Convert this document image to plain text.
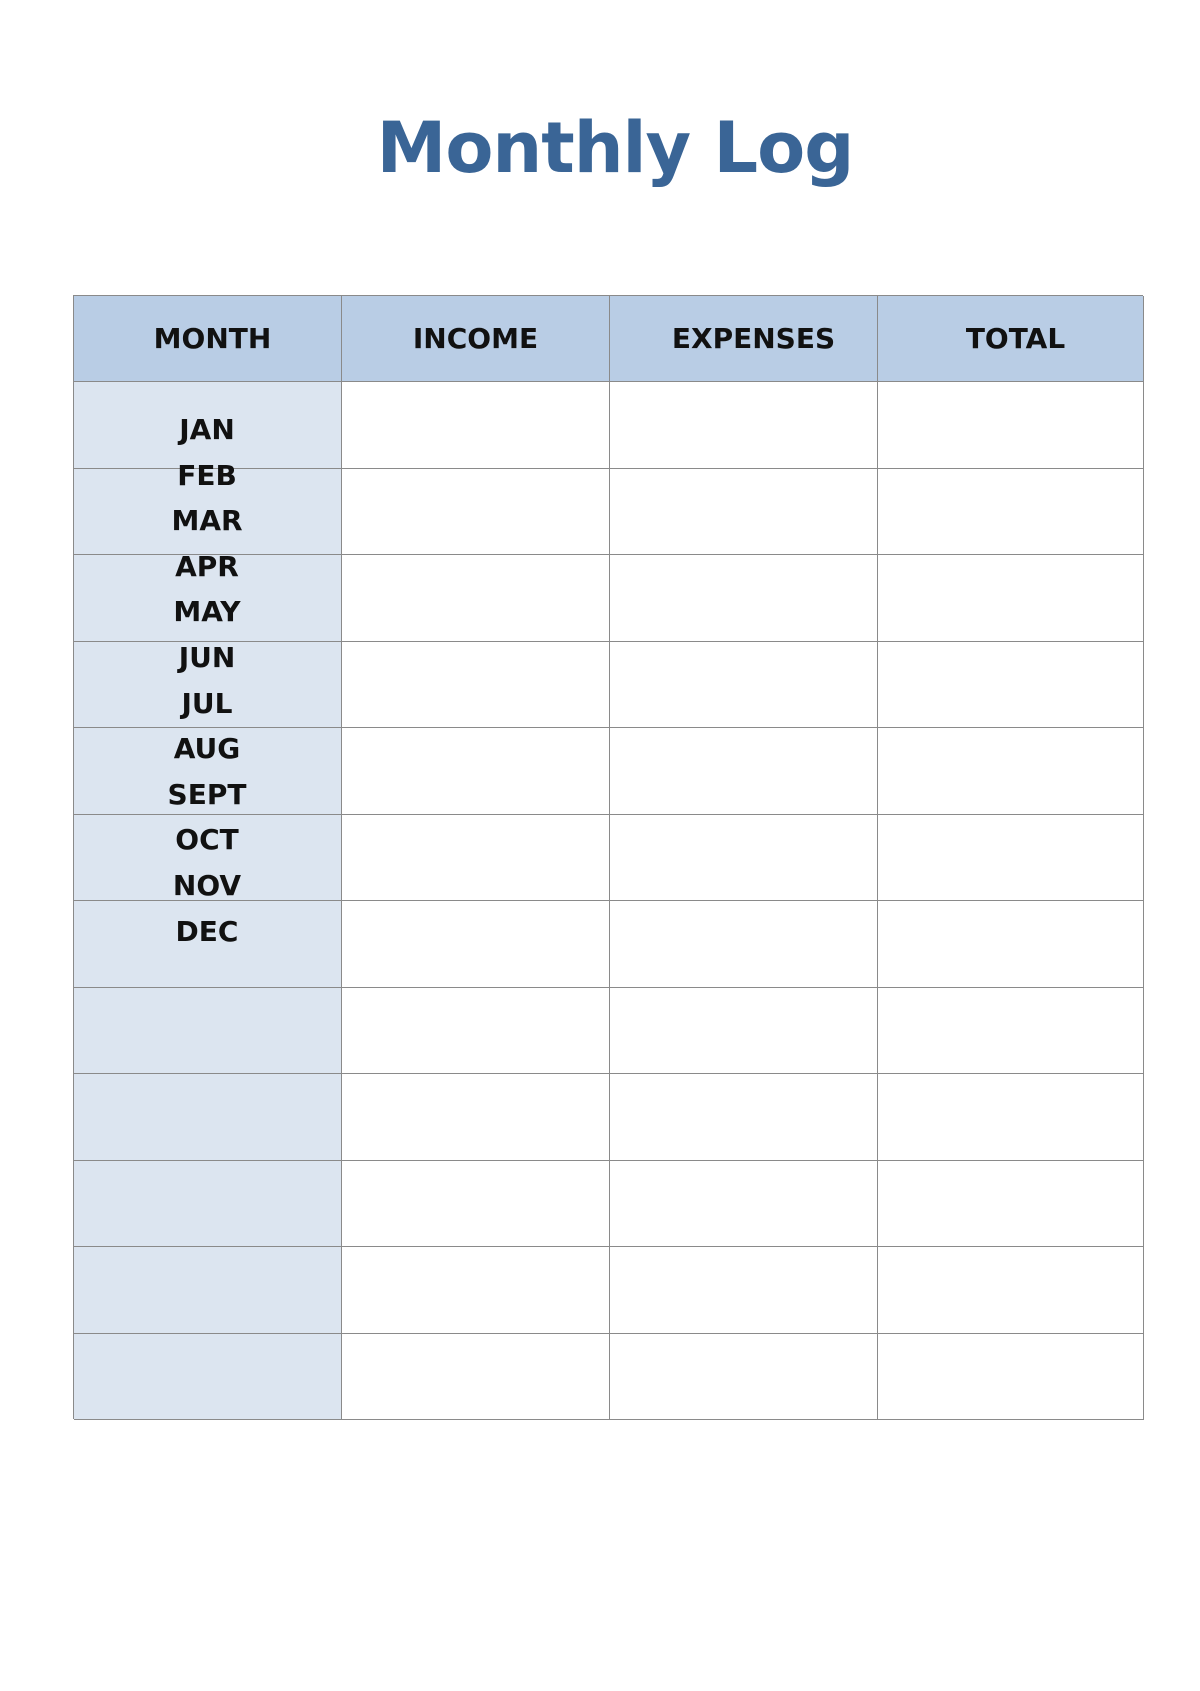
Monthly Log
MONTH	INCOME	EXPENSES	TOTAL
JAN
FEB
MAR
APR
MAY
JUN
JUL
AUG
SEPT
OCT
NOV
DEC
